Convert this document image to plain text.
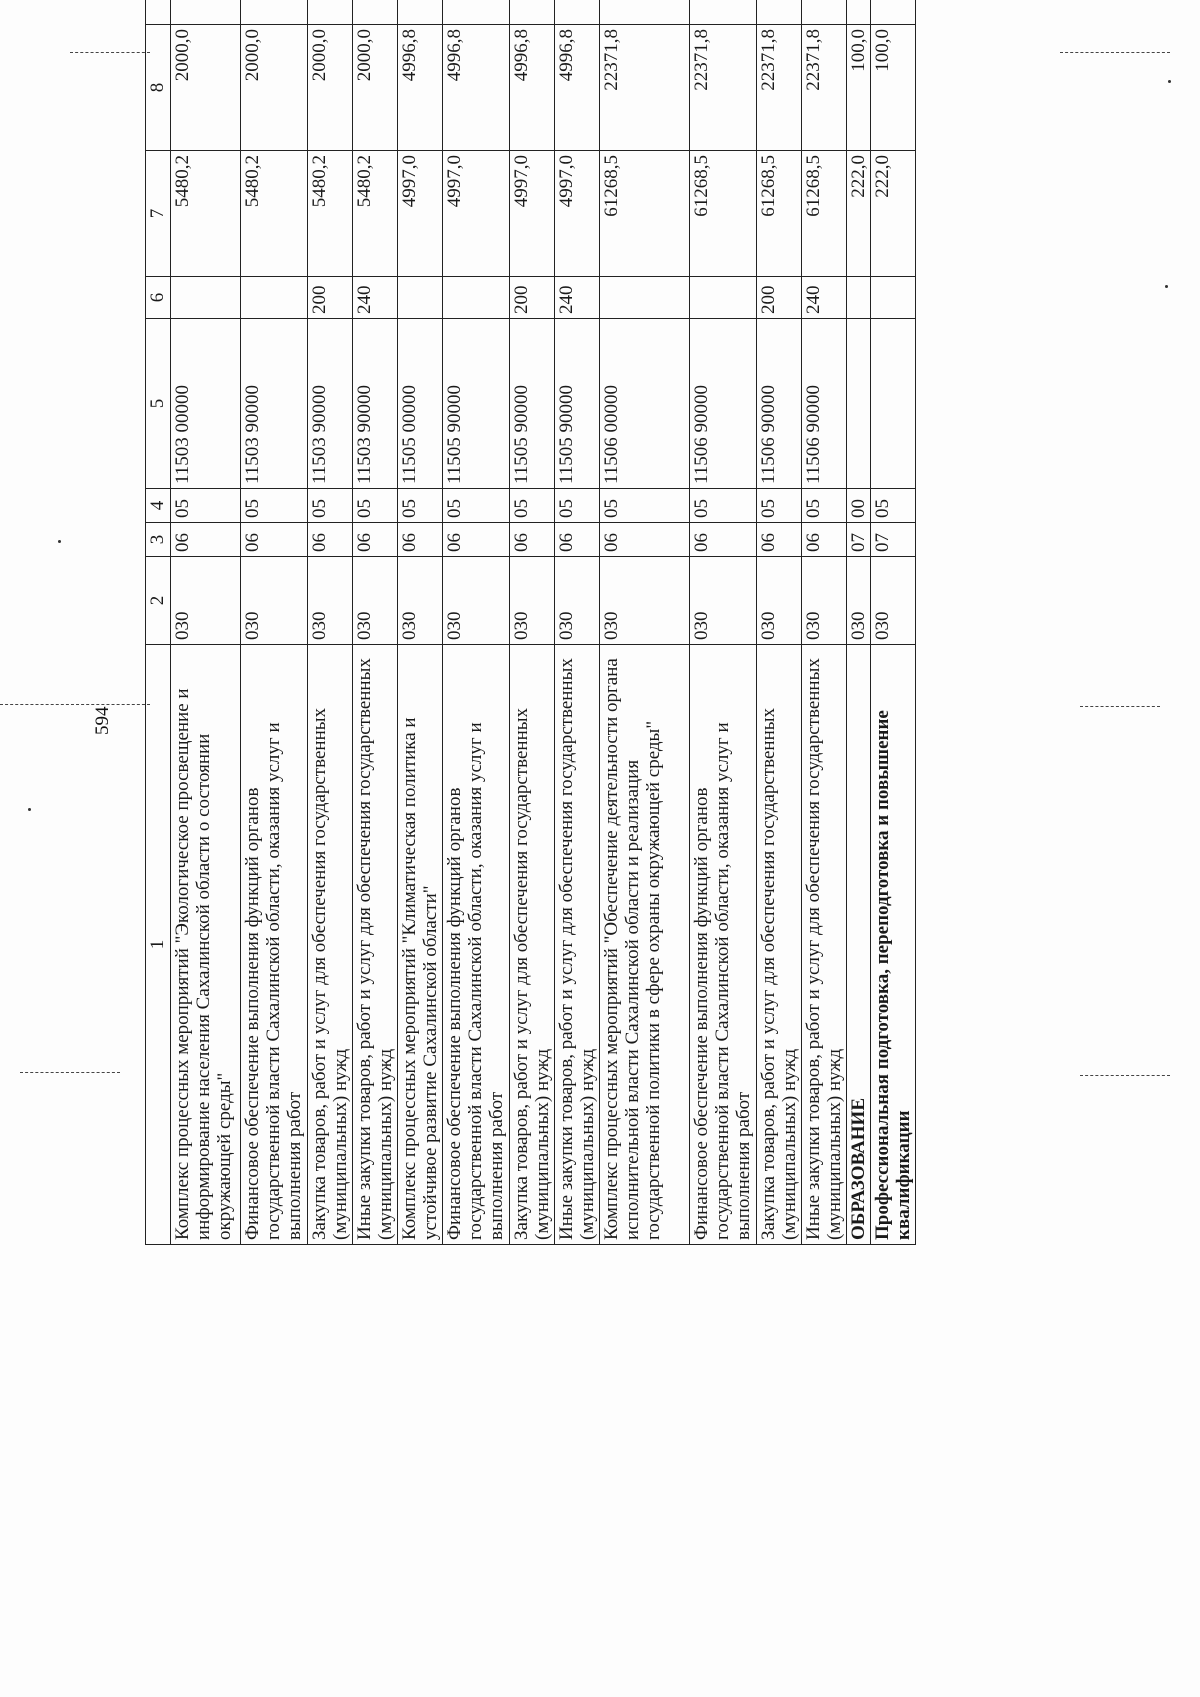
594
1	2	3	4	5	6	7	8	
Комплекс процессных мероприятий "Экологическое просвещение и информирование населения Сахалинской области о состоянии окружающей среды"	030	06	05	11503 00000		5480,2	2000,0	
Финансовое обеспечение выполнения функций органов государственной власти Сахалинской области, оказания услуг и выполнения работ	030	06	05	11503 90000		5480,2	2000,0	
Закупка товаров, работ и услуг для обеспечения государственных (муниципальных) нужд	030	06	05	11503 90000	200	5480,2	2000,0	
Иные закупки товаров, работ и услуг для обеспечения государственных (муниципальных) нужд	030	06	05	11503 90000	240	5480,2	2000,0	
Комплекс процессных мероприятий "Климатическая политика и устойчивое развитие Сахалинской области"	030	06	05	11505 00000		4997,0	4996,8	
Финансовое обеспечение выполнения функций органов государственной власти Сахалинской области, оказания услуг и выполнения работ	030	06	05	11505 90000		4997,0	4996,8	
Закупка товаров, работ и услуг для обеспечения государственных (муниципальных) нужд	030	06	05	11505 90000	200	4997,0	4996,8	
Иные закупки товаров, работ и услуг для обеспечения государственных (муниципальных) нужд	030	06	05	11505 90000	240	4997,0	4996,8	
Комплекс процессных мероприятий "Обеспечение деятельности органа исполнительной власти Сахалинской области и реализация государственной политики в сфере охраны окружающей среды"	030	06	05	11506 00000		61268,5	22371,8	
Финансовое обеспечение выполнения функций органов государственной власти Сахалинской области, оказания услуг и выполнения работ	030	06	05	11506 90000		61268,5	22371,8	
Закупка товаров, работ и услуг для обеспечения государственных (муниципальных) нужд	030	06	05	11506 90000	200	61268,5	22371,8	
Иные закупки товаров, работ и услуг для обеспечения государственных (муниципальных) нужд	030	06	05	11506 90000	240	61268,5	22371,8	
ОБРАЗОВАНИЕ	030	07	00			222,0	100,0	
Профессиональная подготовка, переподготовка и повышение квалификации	030	07	05			222,0	100,0	
